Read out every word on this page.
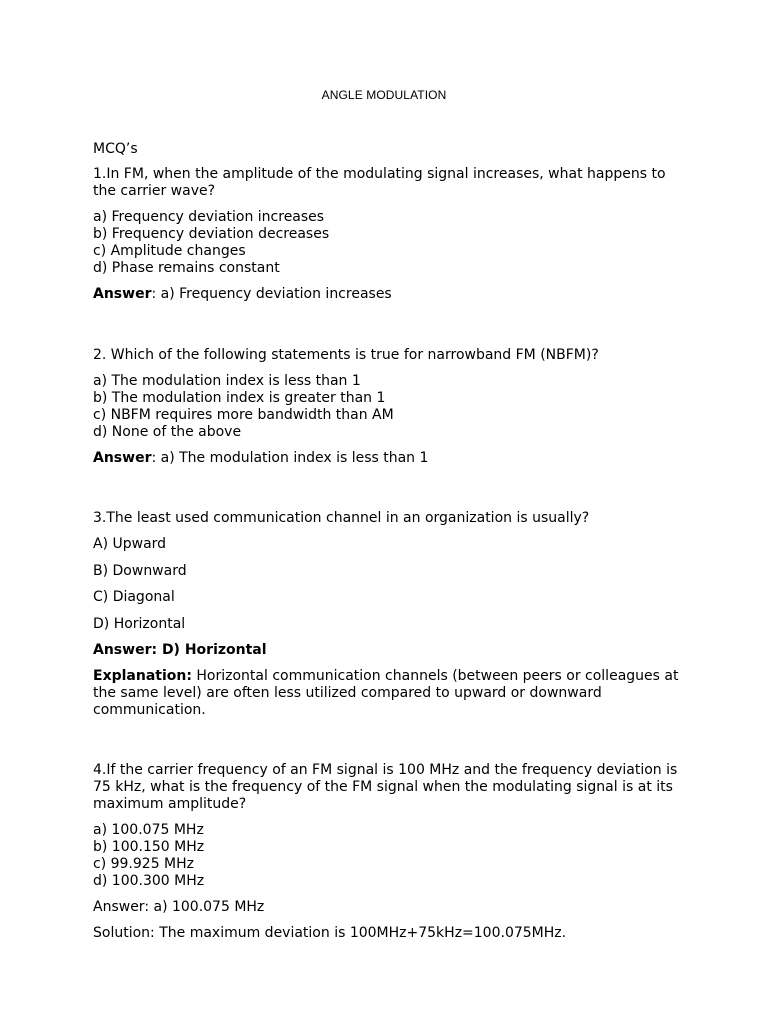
ANGLE MODULATION

MCQ’s

1.In FM, when the amplitude of the modulating signal increases, what happens to the carrier wave?

a) Frequency deviation increases
b) Frequency deviation decreases
c) Amplitude changes
d) Phase remains constant

Answer: a) Frequency deviation increases

2. Which of the following statements is true for narrowband FM (NBFM)?

a) The modulation index is less than 1
b) The modulation index is greater than 1
c) NBFM requires more bandwidth than AM
d) None of the above

Answer: a) The modulation index is less than 1

3.The least used communication channel in an organization is usually?

A) Upward

B) Downward

C) Diagonal

D) Horizontal

Answer: D) Horizontal

Explanation: Horizontal communication channels (between peers or colleagues at the same level) are often less utilized compared to upward or downward communication.

4.If the carrier frequency of an FM signal is 100 MHz and the frequency deviation is 75 kHz, what is the frequency of the FM signal when the modulating signal is at its maximum amplitude?

a) 100.075 MHz
b) 100.150 MHz
c) 99.925 MHz
d) 100.300 MHz

Answer: a) 100.075 MHz

Solution: The maximum deviation is 100MHz+75kHz=100.075MHz.
